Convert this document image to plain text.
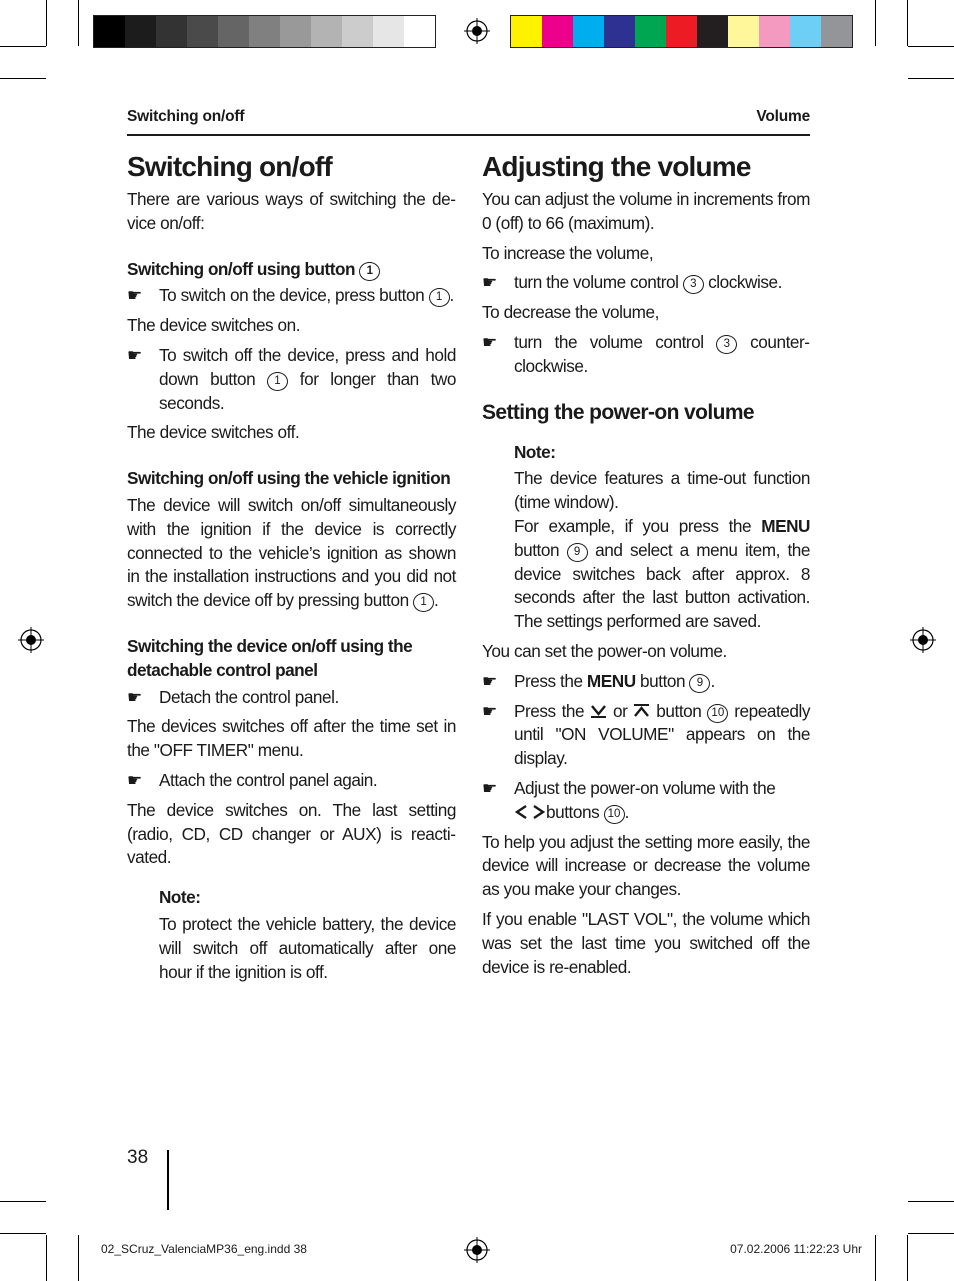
Switching on/off	Volume
Switching on/off

There are various ways of switching the device on/off:

Switching on/off using button 1

☛ To switch on the device, press button 1 .

The device switches on.

☛ To switch off the device, press and hold down button 1 for longer than two seconds.

The device switches off.

Switching on/off using the vehicle ignition

The device will switch on/off simultaneously with the ignition if the device is correctly connected to the vehicle’s ignition as shown in the installation instructions and you did not switch the device off by pressing button 1 .

Switching the device on/off using the detachable control panel

☛ Detach the control panel.

The devices switches off after the time set in the "OFF TIMER" menu.

☛ Attach the control panel again.

The device switches on. The last setting (radio, CD, CD changer or AUX) is reactivated.

Note:

To protect the vehicle battery, the device will switch off automatically after one hour if the ignition is off.

Adjusting the volume

You can adjust the volume in increments from 0 (off) to 66 (maximum).

To increase the volume,

☛ turn the volume control 3 clockwise.

To decrease the volume,

☛ turn the volume control 3 counterclockwise.

Setting the power-on volume

Note:

The device features a time-out function (time window).

For example, if you press the MENU button 9 and select a menu item, the device switches back after approx. 8 seconds after the last button activation. The settings performed are saved.

You can set the power-on volume.

☛ Press the MENU button 9 .

☛ Press the or button 10 repeatedly until "ON VOLUME" appears on the display.

☛ Adjust the power-on volume with the
buttons 10 .

To help you adjust the setting more easily, the device will increase or decrease the volume as you make your changes.

If you enable "LAST VOL", the volume which was set the last time you switched off the device is re-enabled.

38
02_SCruz_ValenciaMP36_eng.indd 38	07.02.2006 11:22:23 Uhr
